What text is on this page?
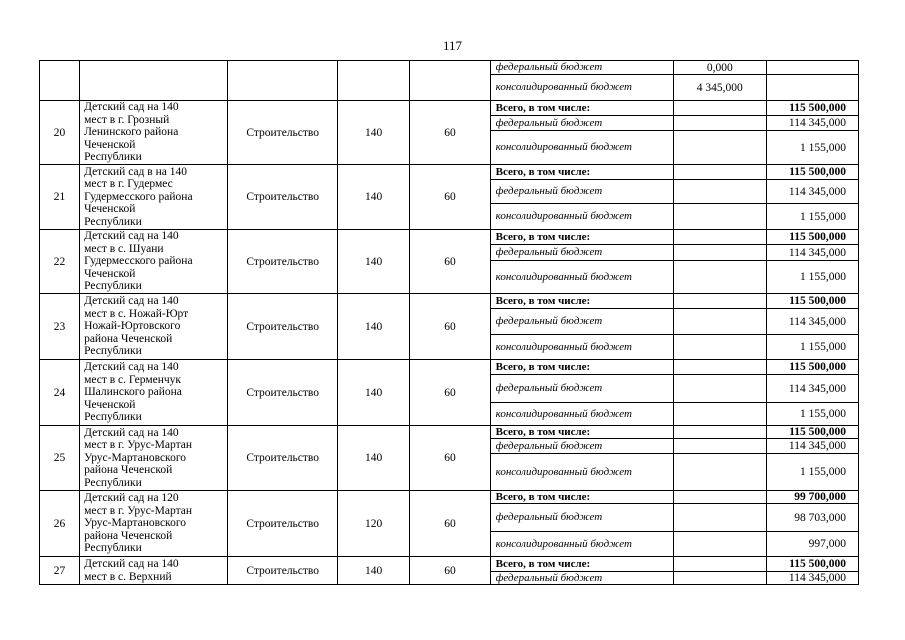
117
					федеральный бюджет	0,000	
					консолидированный бюджет	4 345,000	
20	Детский сад на 140
мест в г. Грозный
Ленинского района
Чеченской
Республики	Строительство	140	60	Всего, в том числе:		115 500,000
					федеральный бюджет		114 345,000
					консолидированный бюджет		1 155,000
21	Детский сад в на 140
мест в г. Гудермес
Гудермесского района
Чеченской
Республики	Строительство	140	60	Всего, в том числе:		115 500,000
					федеральный бюджет		114 345,000
					консолидированный бюджет		1 155,000
22	Детский сад на 140
мест в с. Шуани
Гудермесского района
Чеченской
Республики	Строительство	140	60	Всего, в том числе:		115 500,000
					федеральный бюджет		114 345,000
					консолидированный бюджет		1 155,000
23	Детский сад на 140
мест в с. Ножай-Юрт
Ножай-Юртовского
района Чеченской
Республики	Строительство	140	60	Всего, в том числе:		115 500,000
					федеральный бюджет		114 345,000
					консолидированный бюджет		1 155,000
24	Детский сад на 140
мест в с. Герменчук
Шалинского района
Чеченской
Республики	Строительство	140	60	Всего, в том числе:		115 500,000
					федеральный бюджет		114 345,000
					консолидированный бюджет		1 155,000
25	Детский сад на 140
мест в г. Урус-Мартан
Урус-Мартановского
района Чеченской
Республики	Строительство	140	60	Всего, в том числе:		115 500,000
					федеральный бюджет		114 345,000
					консолидированный бюджет		1 155,000
26	Детский сад на 120
мест в г. Урус-Мартан
Урус-Мартановского
района Чеченской
Республики	Строительство	120	60	Всего, в том числе:		99 700,000
					федеральный бюджет		98 703,000
					консолидированный бюджет		997,000
27	Детский сад на 140
мест в с. Верхний	Строительство	140	60	Всего, в том числе:		115 500,000
					федеральный бюджет		114 345,000
